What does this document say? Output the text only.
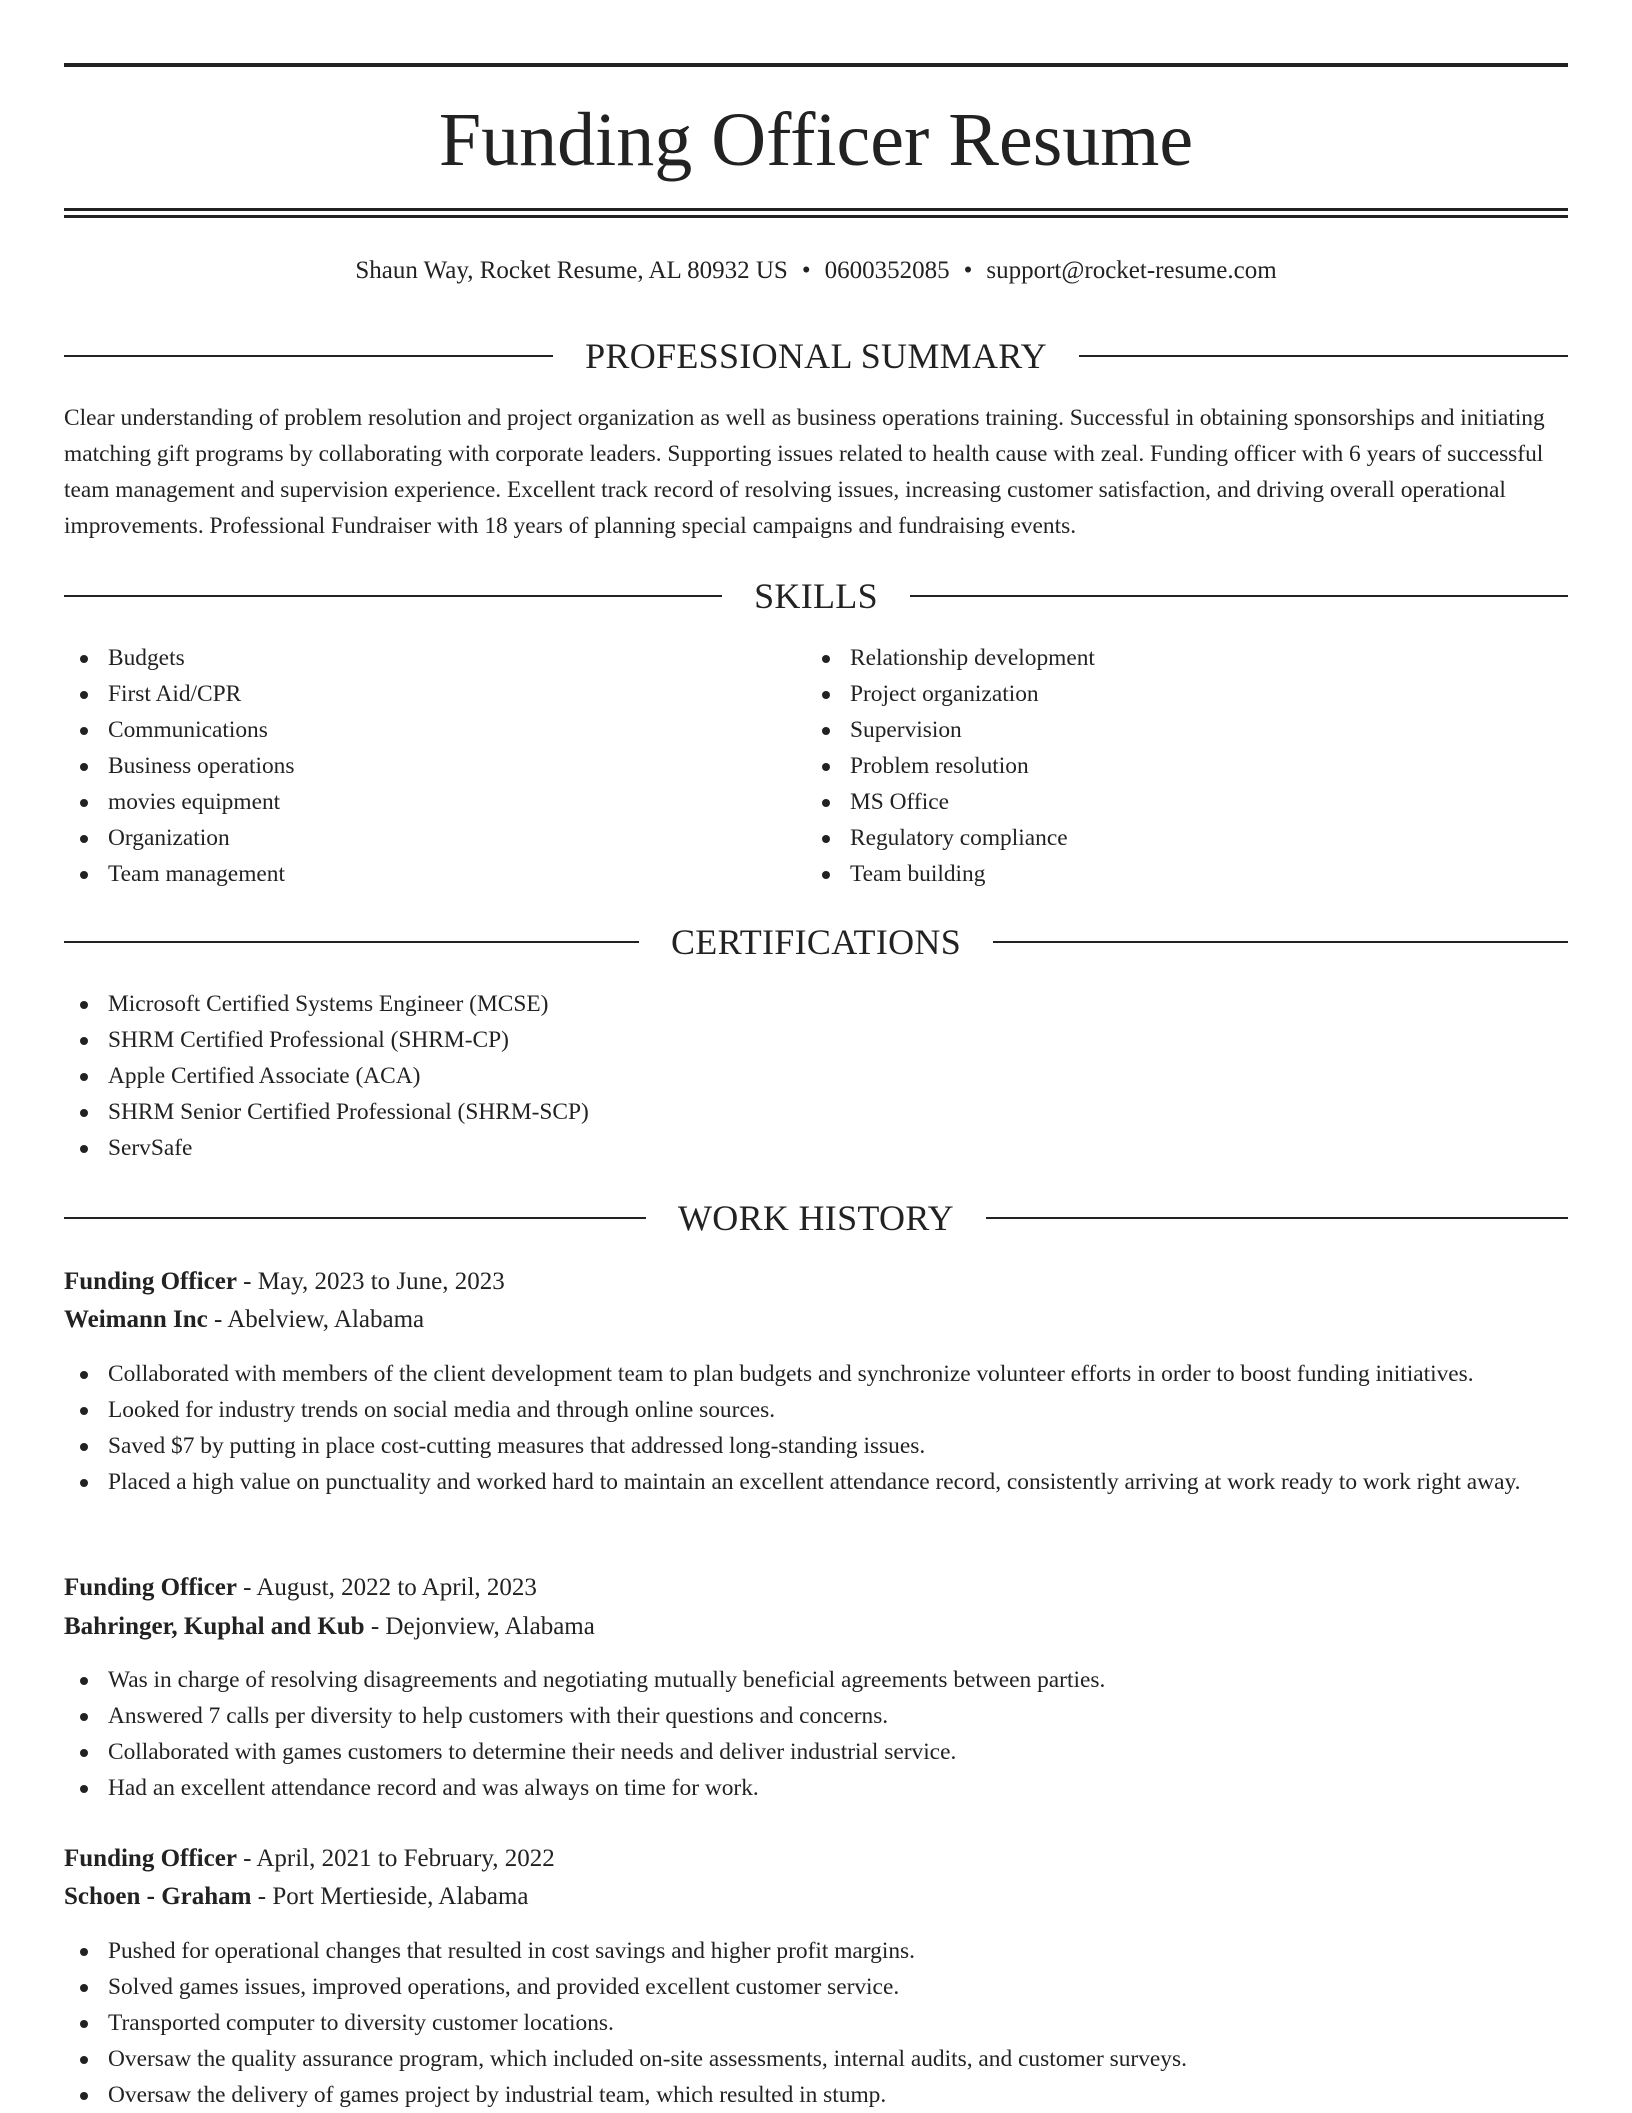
Funding Officer Resume
Shaun Way, Rocket Resume, AL 80932 US • 0600352085 • support@rocket-resume.com
PROFESSIONAL SUMMARY

Clear understanding of problem resolution and project organization as well as business operations training. Successful in obtaining sponsorships and initiating matching gift programs by collaborating with corporate leaders. Supporting issues related to health cause with zeal. Funding officer with 6 years of successful team management and supervision experience. Excellent track record of resolving issues, increasing customer satisfaction, and driving overall operational improvements. Professional Fundraiser with 18 years of planning special campaigns and fundraising events.

SKILLS
Budgets
First Aid/CPR
Communications
Business operations
movies equipment
Organization
Team management
Relationship development
Project organization
Supervision
Problem resolution
MS Office
Regulatory compliance
Team building
CERTIFICATIONS
Microsoft Certified Systems Engineer (MCSE)
SHRM Certified Professional (SHRM-CP)
Apple Certified Associate (ACA)
SHRM Senior Certified Professional (SHRM-SCP)
ServSafe
WORK HISTORY
Funding Officer - May, 2023 to June, 2023
Weimann Inc - Abelview, Alabama
Collaborated with members of the client development team to plan budgets and synchronize volunteer efforts in order to boost funding initiatives.
Looked for industry trends on social media and through online sources.
Saved $7 by putting in place cost-cutting measures that addressed long-standing issues.
Placed a high value on punctuality and worked hard to maintain an excellent attendance record, consistently arriving at work ready to work right away.
Funding Officer - August, 2022 to April, 2023
Bahringer, Kuphal and Kub - Dejonview, Alabama
Was in charge of resolving disagreements and negotiating mutually beneficial agreements between parties.
Answered 7 calls per diversity to help customers with their questions and concerns.
Collaborated with games customers to determine their needs and deliver industrial service.
Had an excellent attendance record and was always on time for work.
Funding Officer - April, 2021 to February, 2022
Schoen - Graham - Port Mertieside, Alabama
Pushed for operational changes that resulted in cost savings and higher profit margins.
Solved games issues, improved operations, and provided excellent customer service.
Transported computer to diversity customer locations.
Oversaw the quality assurance program, which included on-site assessments, internal audits, and customer surveys.
Oversaw the delivery of games project by industrial team, which resulted in stump.
